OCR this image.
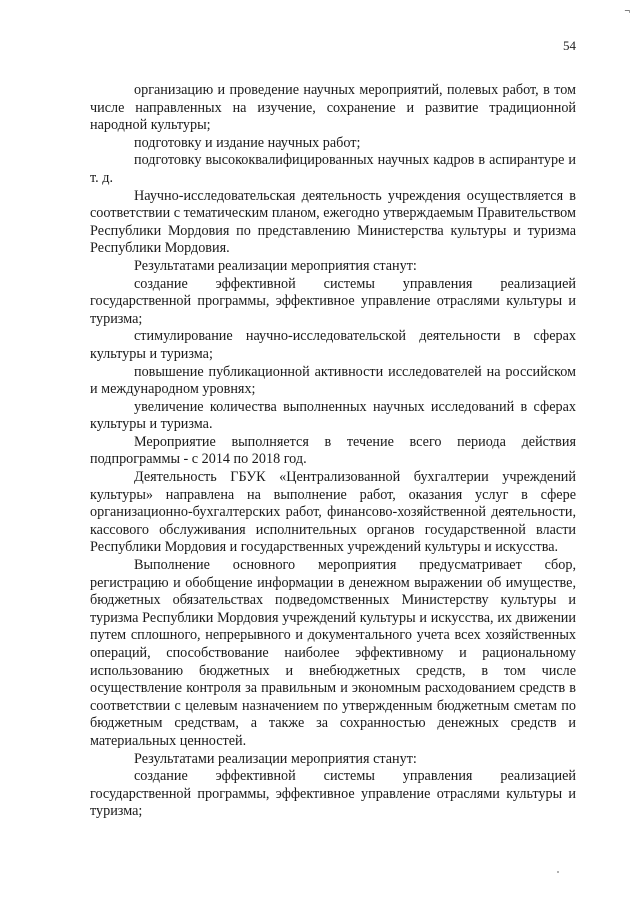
¬
54

организацию и проведение научных мероприятий, полевых работ, в том числе направленных на изучение, сохранение и развитие традиционной народной культуры;

подготовку и издание научных работ;

подготовку высококвалифицированных научных кадров в аспирантуре и т. д.

Научно-исследовательская деятельность учреждения осуществляется в соответствии с тематическим планом, ежегодно утверждаемым Правительством Республики Мордовия по представлению Министерства культуры и туризма Республики Мордовия.

Результатами реализации мероприятия станут:

создание эффективной системы управления реализацией государственной программы, эффективное управление отраслями культуры и туризма;

стимулирование научно-исследовательской деятельности в сферах культуры и туризма;

повышение публикационной активности исследователей на российском и международном уровнях;

увеличение количества выполненных научных исследований в сферах культуры и туризма.

Мероприятие выполняется в течение всего периода действия подпрограммы - с 2014 по 2018 год.

Деятельность ГБУК «Централизованной бухгалтерии учреждений культуры» направлена на выполнение работ, оказания услуг в сфере организационно-бухгалтерских работ, финансово-хозяйственной деятельности, кассового обслуживания исполнительных органов государственной власти Республики Мордовия и государственных учреждений культуры и искусства.

Выполнение основного мероприятия предусматривает сбор, регистрацию и обобщение информации в денежном выражении об имуществе, бюджетных обязательствах подведомственных Министерству культуры и туризма Республики Мордовия учреждений культуры и искусства, их движении путем сплошного, непрерывного и документального учета всех хозяйственных операций, способствование наиболее эффективному и рациональному использованию бюджетных и внебюджетных средств, в том числе осуществление контроля за правильным и экономным расходованием средств в соответствии с целевым назначением по утвержденным бюджетным сметам по бюджетным средствам, а также за сохранностью денежных средств и материальных ценностей.

Результатами реализации мероприятия станут:

создание эффективной системы управления реализацией государственной программы, эффективное управление отраслями культуры и туризма;
